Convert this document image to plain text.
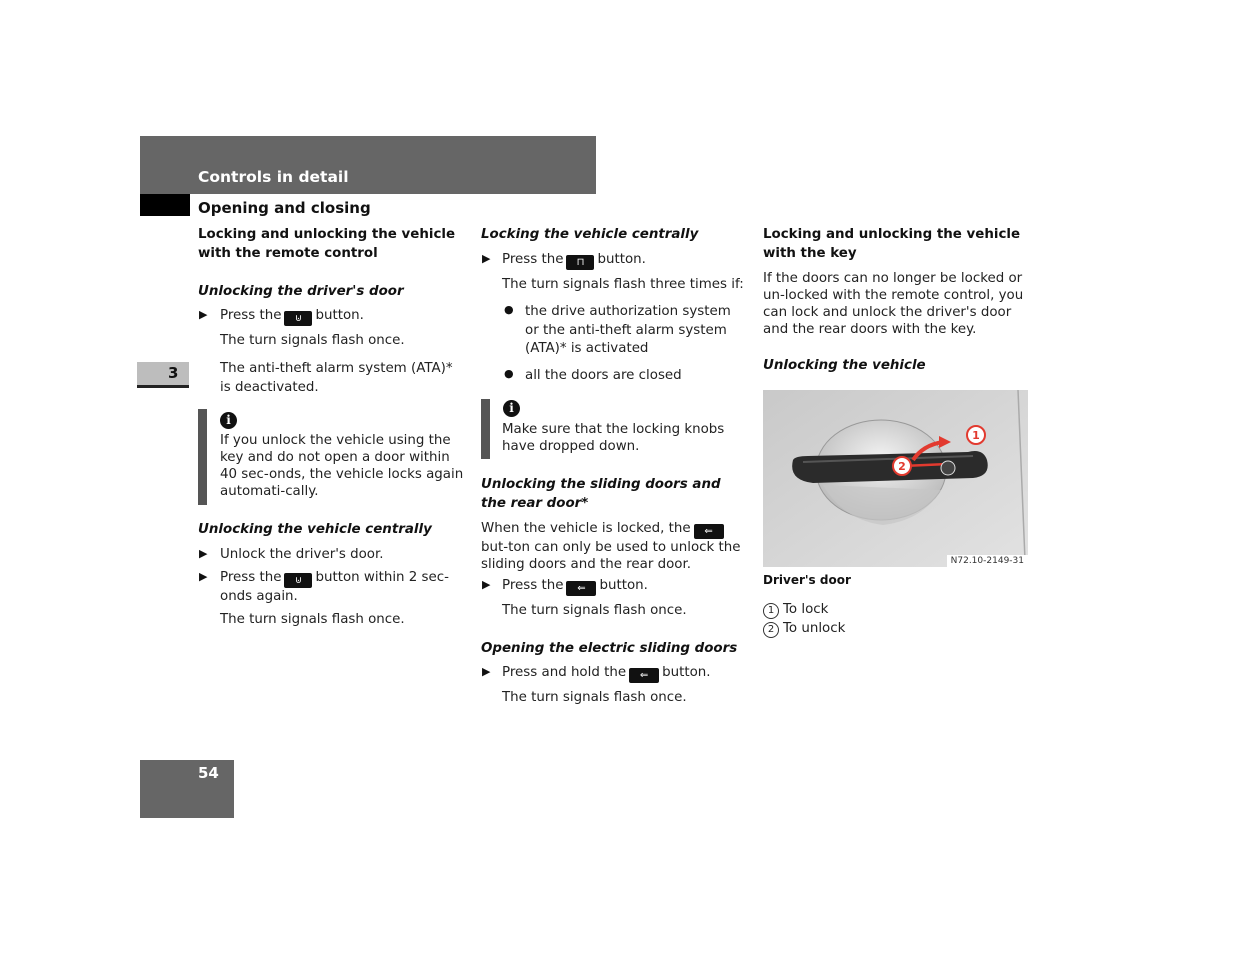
Controls in detail
Opening and closing
3
54
Locking and unlocking the vehicle with the remote control
Unlocking the driver's door
▶ Press the ⊍ button.
The turn signals flash once.
The anti-theft alarm system (ATA)* is deactivated.
i
If you unlock the vehicle using the key and do not open a door within 40 sec-onds, the vehicle locks again automati-cally.
Unlocking the vehicle centrally
▶ Unlock the driver's door.
▶ Press the ⊍ button within 2 sec-onds again.
The turn signals flash once.
Locking the vehicle centrally
▶ Press the ⊓ button.
The turn signals flash three times if:
● the drive authorization system or the anti-theft alarm system (ATA)* is activated
● all the doors are closed
i
Make sure that the locking knobs have dropped down.
Unlocking the sliding doors and the rear door*
When the vehicle is locked, the ⇐but-ton can only be used to unlock the sliding doors and the rear door.
▶ Press the ⇐ button.
The turn signals flash once.
Opening the electric sliding doors
▶ Press and hold the ⇐ button.
The turn signals flash once.
Locking and unlocking the vehicle with the key
If the doors can no longer be locked or un-locked with the remote control, you can lock and unlock the driver's door and the rear doors with the key.
Unlocking the vehicle
1
2
N72.10-2149-31
Driver's door
1 To lock
2 To unlock
